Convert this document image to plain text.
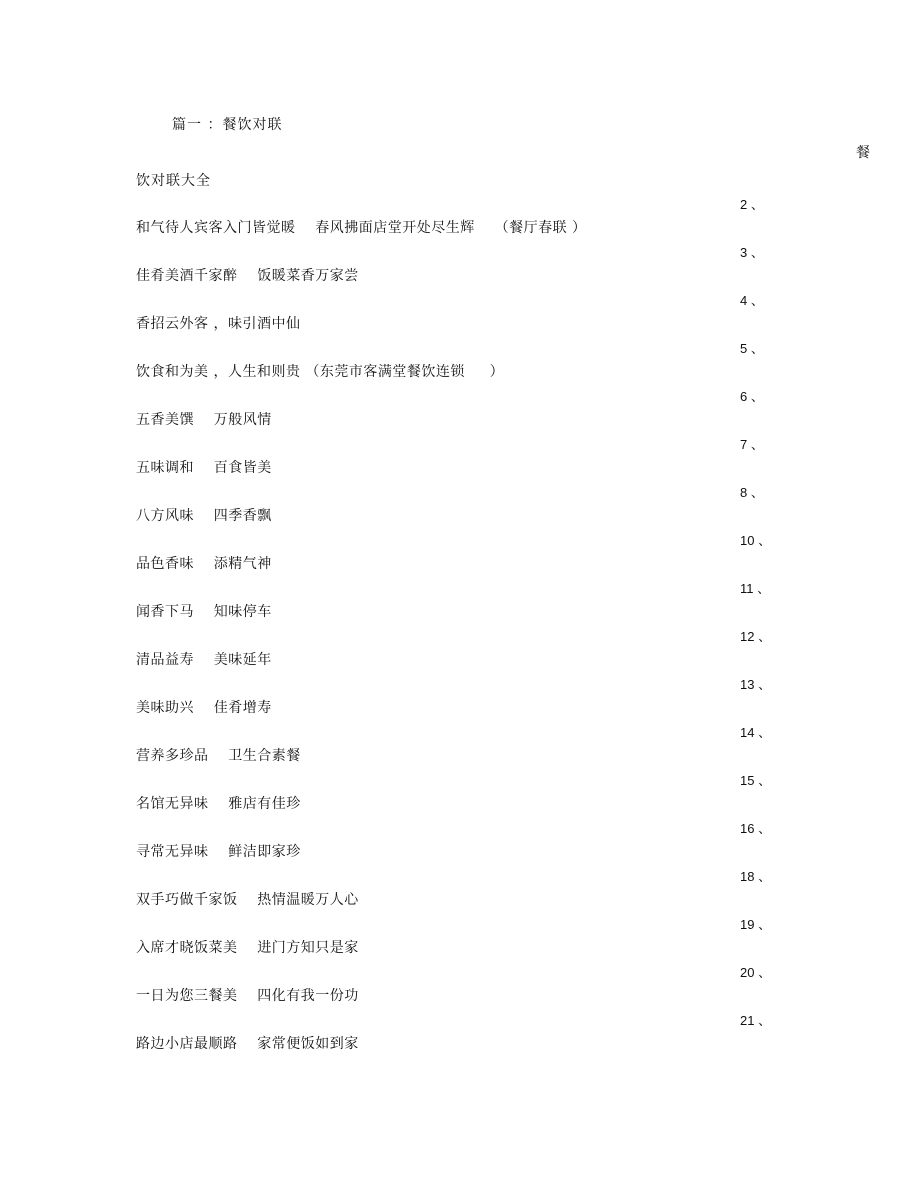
篇一 ：餐饮对联
餐
饮对联大全
2 、
和气待人宾客入门皆觉暖    春风拂面店堂开处尽生辉    （餐厅春联 ）
3 、
佳肴美酒千家醉    饭暖菜香万家尝
4 、
香招云外客 ，味引酒中仙
5 、
饮食和为美 ，人生和则贵 （东莞市客满堂餐饮连锁     ）
6 、
五香美馔    万般风情
7 、
五味调和    百食皆美
8 、
八方风味    四季香飘
10 、
品色香味    添精气神
11 、
闻香下马    知味停车
12 、
清品益寿    美味延年
13 、
美味助兴    佳肴增寿
14 、
营养多珍品    卫生合素餐
15 、
名馆无异味    雅店有佳珍
16 、
寻常无异味    鲜洁即家珍
18 、
双手巧做千家饭    热情温暖万人心
19 、
入席才晓饭菜美    进门方知只是家
20 、
一日为您三餐美    四化有我一份功
21 、
路边小店最顺路    家常便饭如到家
